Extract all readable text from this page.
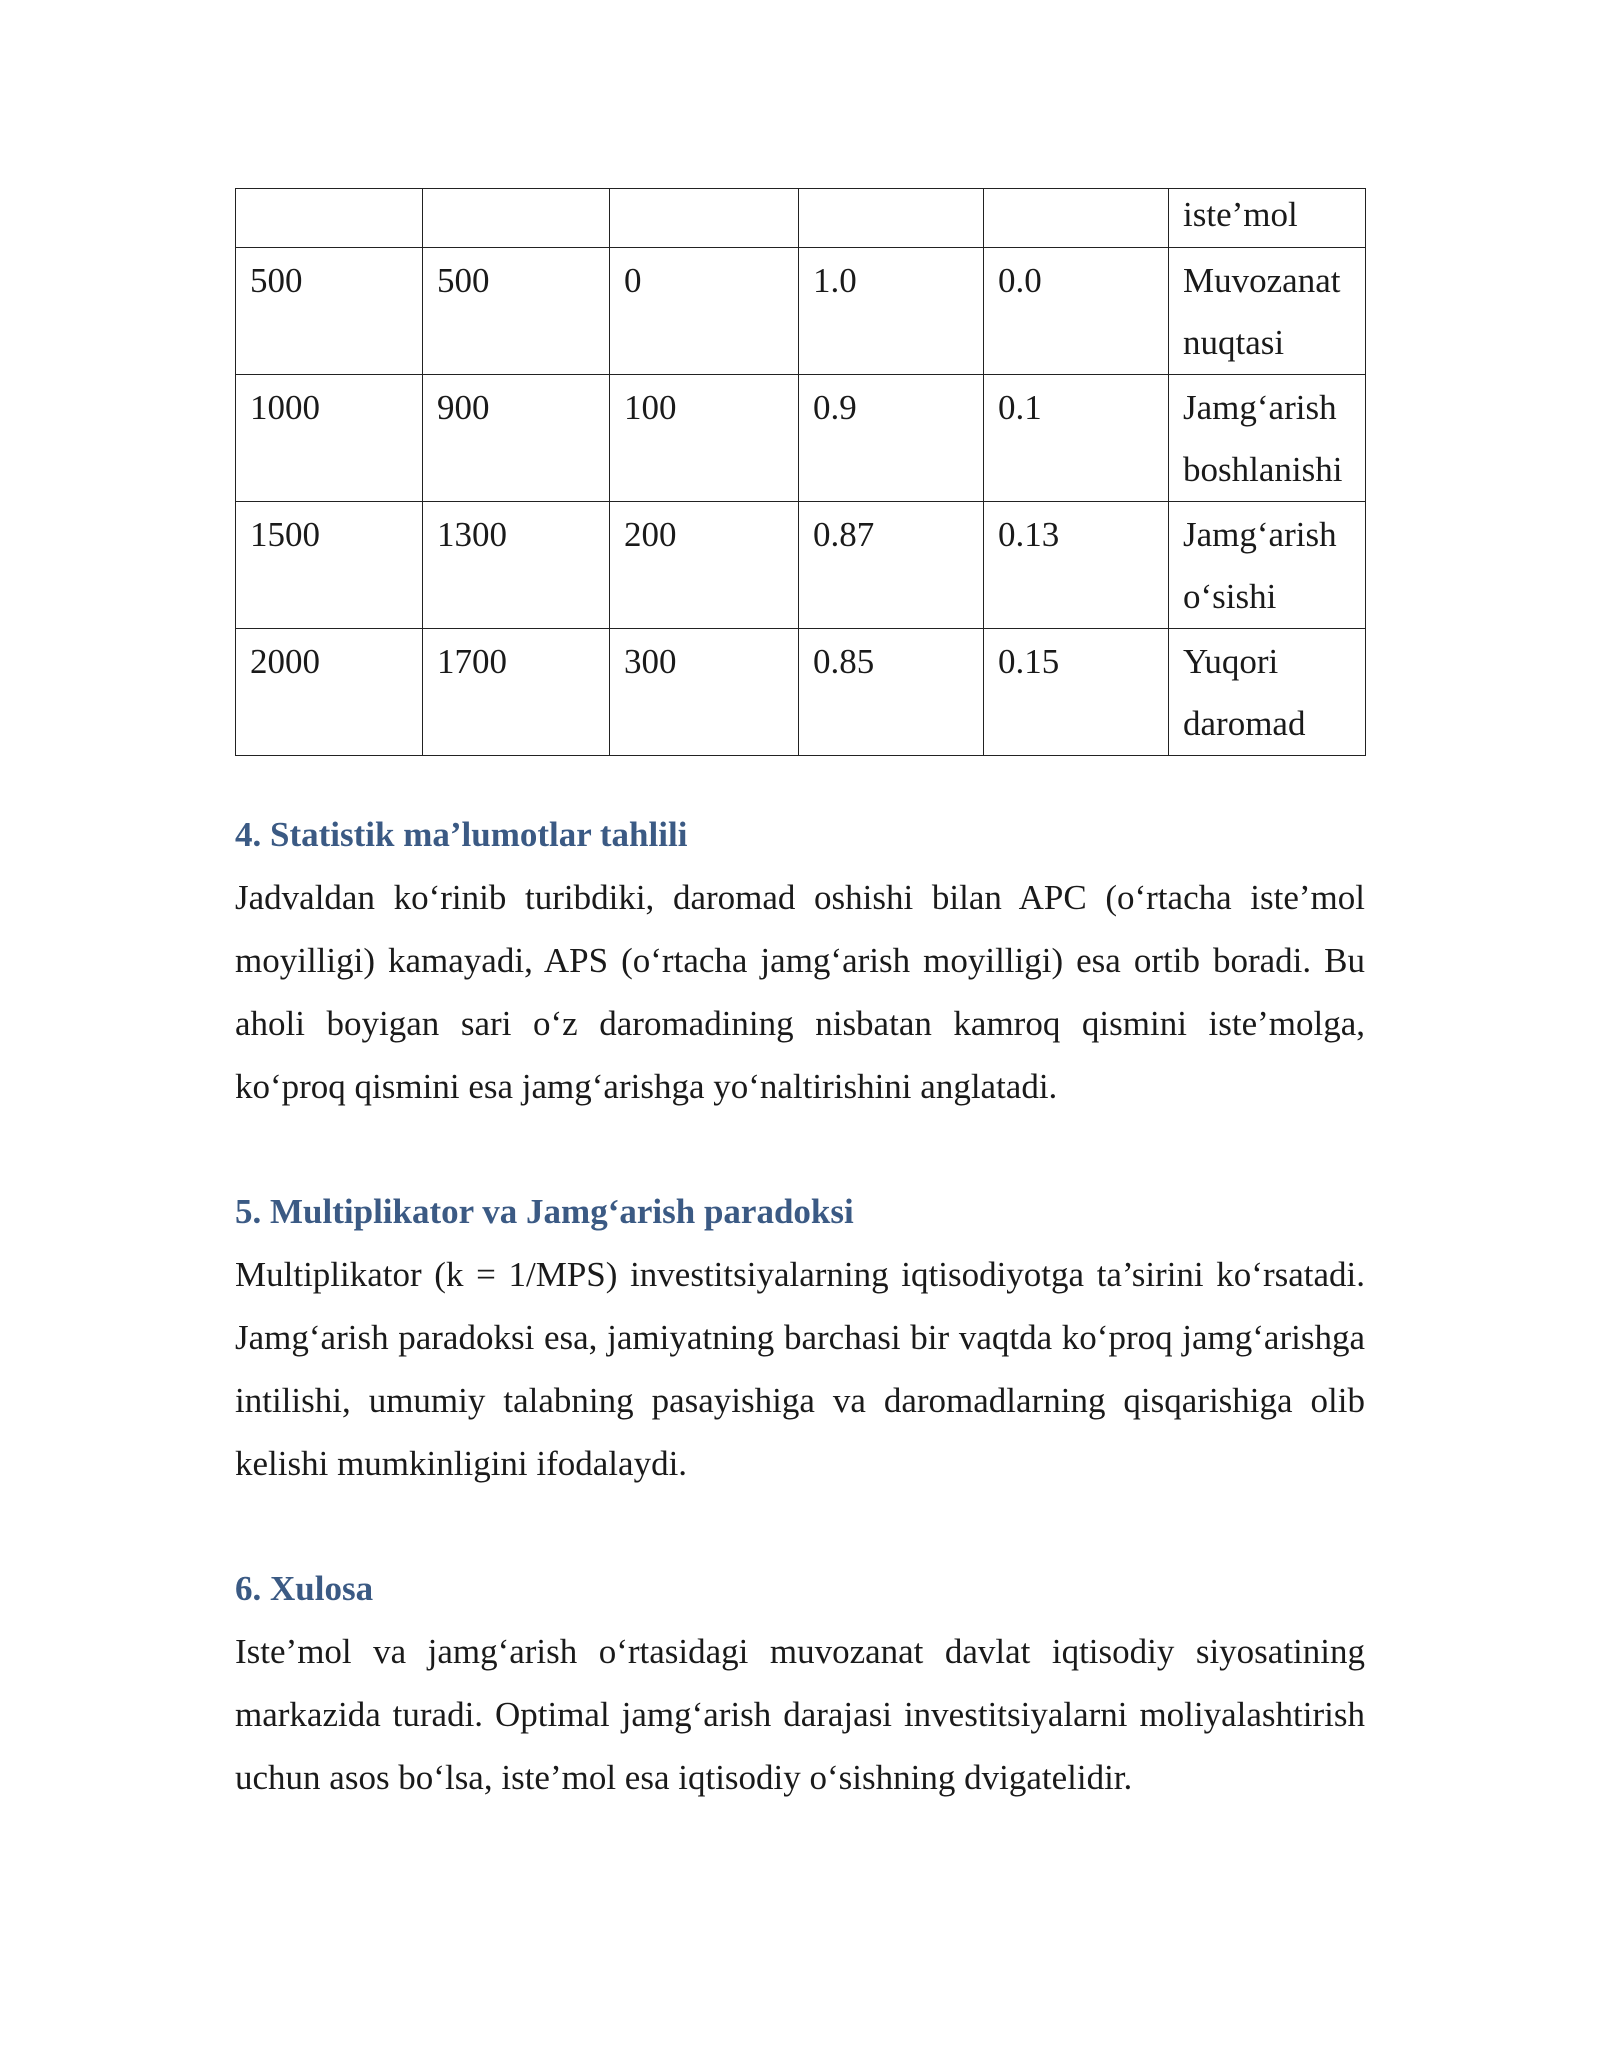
					iste’mol
500	500	0	1.0	0.0	Muvozanat nuqtasi
1000	900	100	0.9	0.1	Jamg‘arish boshlanishi
1500	1300	200	0.87	0.13	Jamg‘arish o‘sishi
2000	1700	300	0.85	0.15	Yuqori daromad
4. Statistik ma’lumotlar tahlili

Jadvaldan ko‘rinib turibdiki, daromad oshishi bilan APC (o‘rtacha iste’mol moyilligi) kamayadi, APS (o‘rtacha jamg‘arish moyilligi) esa ortib boradi. Bu aholi boyigan sari o‘z daromadining nisbatan kamroq qismini iste’molga, ko‘proq qismini esa jamg‘arishga yo‘naltirishini anglatadi.

5. Multiplikator va Jamg‘arish paradoksi

Multiplikator (k = 1/MPS) investitsiyalarning iqtisodiyotga ta’sirini ko‘rsatadi. Jamg‘arish paradoksi esa, jamiyatning barchasi bir vaqtda ko‘proq jamg‘arishga intilishi, umumiy talabning pasayishiga va daromadlarning qisqarishiga olib kelishi mumkinligini ifodalaydi.

6. Xulosa

Iste’mol va jamg‘arish o‘rtasidagi muvozanat davlat iqtisodiy siyosatining markazida turadi. Optimal jamg‘arish darajasi investitsiyalarni moliyalashtirish uchun asos bo‘lsa, iste’mol esa iqtisodiy o‘sishning dvigatelidir.
